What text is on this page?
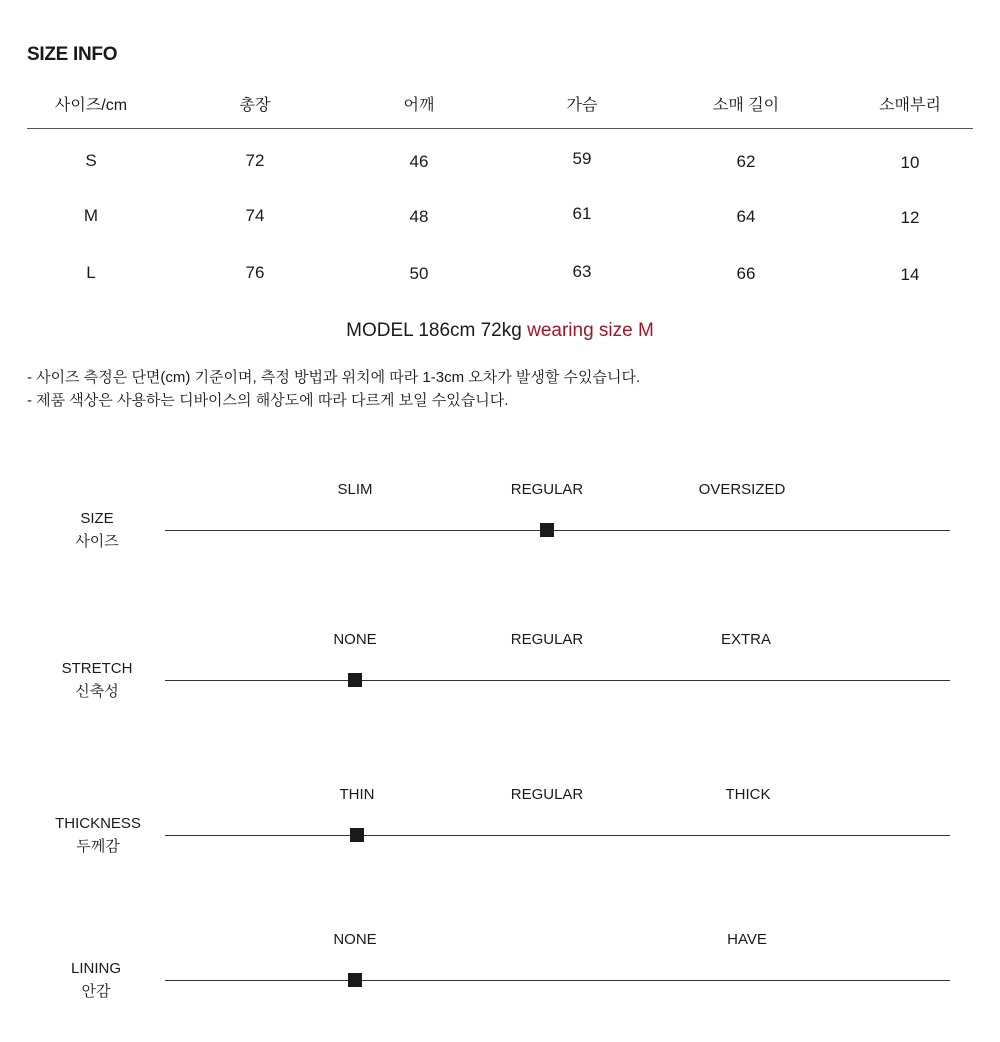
SIZE INFO
사이즈/cm	총장	어깨	가슴	소매 길이	소매부리
S	72	46	59	62	10
M	74	48	61	64	12
L	76	50	63	66	14
MODEL 186cm 72kg wearing size M
- 사이즈 측정은 단면(cm) 기준이며, 측정 방법과 위치에 따라 1-3cm 오차가 발생할 수있습니다.
- 제품 색상은 사용하는 디바이스의 해상도에 따라 다르게 보일 수있습니다.
SIZE
사이즈
SLIM	REGULAR	OVERSIZED
STRETCH
신축성
NONE	REGULAR	EXTRA
THICKNESS
두께감
THIN	REGULAR	THICK
LINING
안감
NONE	HAVE
